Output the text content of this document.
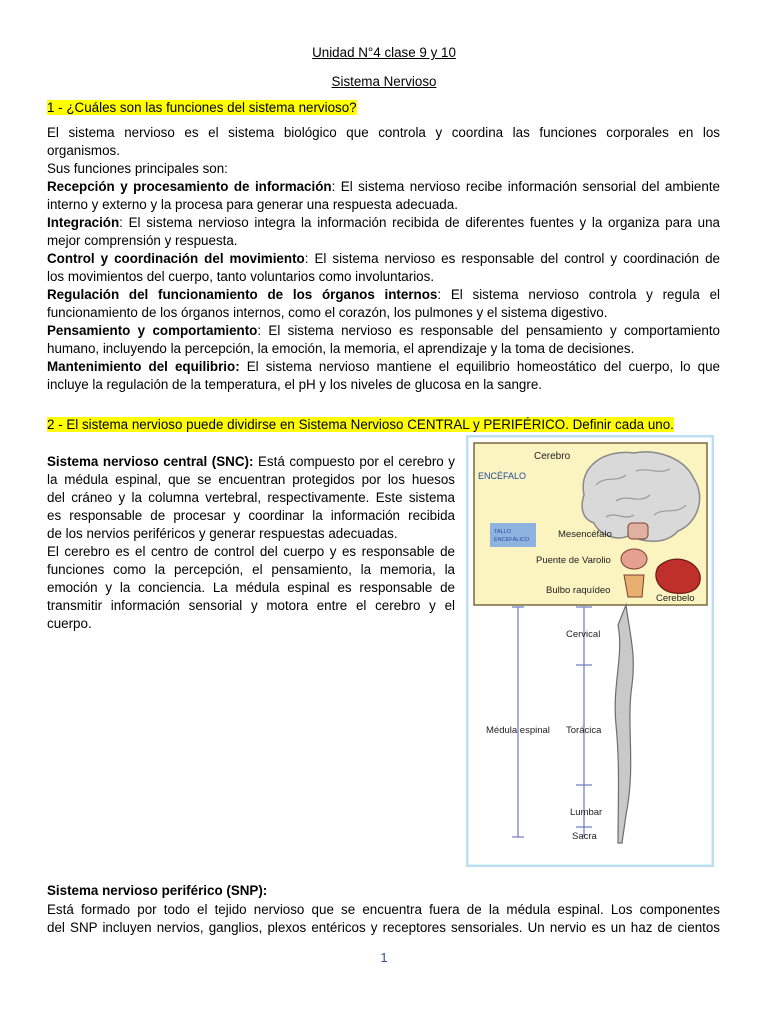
Unidad N°4 clase 9 y 10
Sistema Nervioso
1 - ¿Cuáles son las funciones del sistema nervioso?
El sistema nervioso es el sistema biológico que controla y coordina las funciones corporales en los
organismos.
Sus funciones principales son:
Recepción y procesamiento de información: El sistema nervioso recibe información sensorial del ambiente
interno y externo y la procesa para generar una respuesta adecuada.
Integración: El sistema nervioso integra la información recibida de diferentes fuentes y la organiza para una
mejor comprensión y respuesta.
Control y coordinación del movimiento: El sistema nervioso es responsable del control y coordinación de
los movimientos del cuerpo, tanto voluntarios como involuntarios.
Regulación del funcionamiento de los órganos internos: El sistema nervioso controla y regula el
funcionamiento de los órganos internos, como el corazón, los pulmones y el sistema digestivo.
Pensamiento y comportamiento: El sistema nervioso es responsable del pensamiento y comportamiento
humano, incluyendo la percepción, la emoción, la memoria, el aprendizaje y la toma de decisiones.
Mantenimiento del equilibrio: El sistema nervioso mantiene el equilibrio homeostático del cuerpo, lo que
incluye la regulación de la temperatura, el pH y los niveles de glucosa en la sangre.
2 - El sistema nervioso puede dividirse en Sistema Nervioso CENTRAL y PERIFÉRICO. Definir cada uno.
Sistema nervioso central (SNC): Está compuesto por el cerebro y
la médula espinal, que se encuentran protegidos por los huesos
del cráneo y la columna vertebral, respectivamente. Este sistema
es responsable de procesar y coordinar la información recibida
de los nervios periféricos y generar respuestas adecuadas.
El cerebro es el centro de control del cuerpo y es responsable de
funciones como la percepción, el pensamiento, la memoria, la
emoción y la conciencia. La médula espinal es responsable de
transmitir información sensorial y motora entre el cerebro y el
cuerpo.
Cerebro
ENCÉFALO
TALLO
ENCEFÁLICO	Mesencéfalo
Puente de Varolio
Bulbo raquídeo
Cerebelo
Cervical
Médula espinal Torácica
Lumbar
Sacra
Sistema nervioso periférico (SNP):
Está formado por todo el tejido nervioso que se encuentra fuera de la médula espinal. Los componentes
del SNP incluyen nervios, ganglios, plexos entéricos y receptores sensoriales. Un nervio es un haz de cientos
1
